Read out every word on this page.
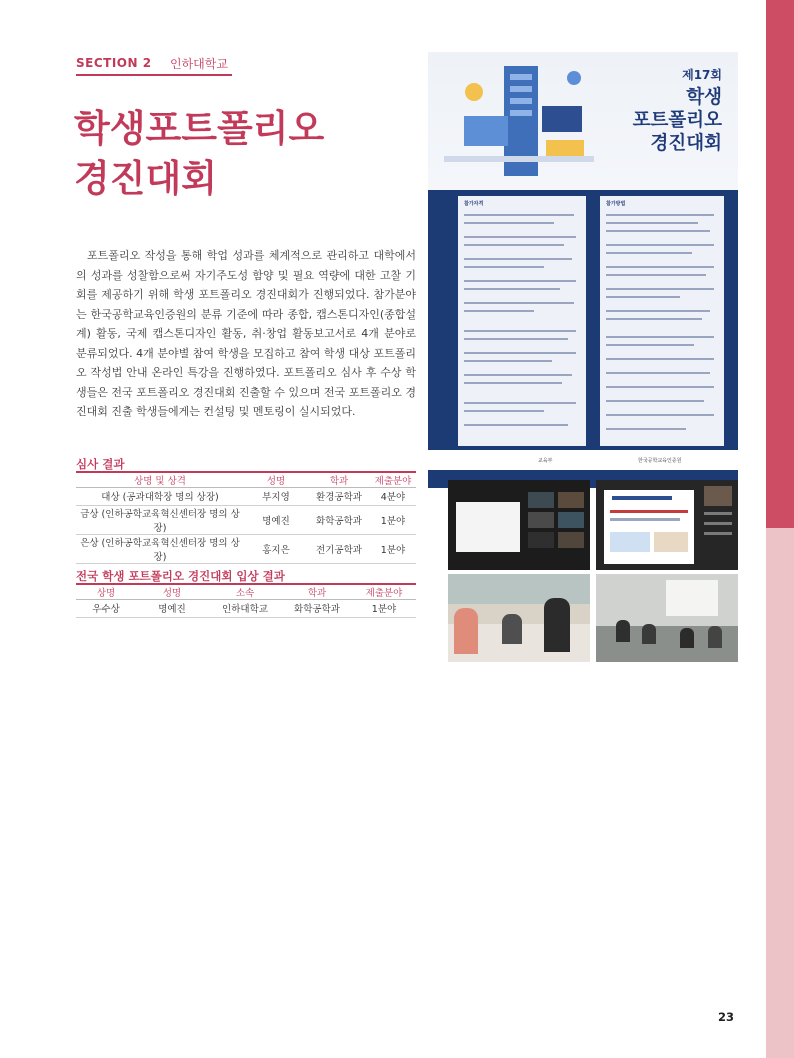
SECTION 2 인하대학교
학생포트폴리오
경진대회

포트폴리오 작성을 통해 학업 성과를 체계적으로 관리하고 대학에서의 성과를 성찰함으로써 자기주도성 함양 및 필요 역량에 대한 고찰 기회를 제공하기 위해 학생 포트폴리오 경진대회가 진행되었다. 참가분야는 한국공학교육인증원의 분류 기준에 따라 종합, 캡스톤디자인(종합설계) 활동, 국제 캡스톤디자인 활동, 취·창업 활동보고서로 4개 분야로 분류되었다. 4개 분야별 참여 학생을 모집하고 참여 학생 대상 포트폴리오 작성법 안내 온라인 특강을 진행하였다. 포트폴리오 심사 후 수상 학생들은 전국 포트폴리오 경진대회 진출할 수 있으며 전국 포트폴리오 경진대회 진출 학생들에게는 컨설팅 및 멘토링이 실시되었다.

심사 결과
상명 및 상격	성명	학과	제출분야
대상 (공과대학장 명의 상장)	부지영	환경공학과	4분야
금상 (인하공학교육혁신센터장 명의 상장)	명예진	화학공학과	1분야
은상 (인하공학교육혁신센터장 명의 상장)	홍지은	전기공학과	1분야
전국 학생 포트폴리오 경진대회 입상 결과
상명	성명	소속	학과	제출분야
우수상	명예진	인하대학교	화학공학과	1분야
제17회

학생
포트폴리오
경진대회

참가자격	참가방법
교육부	한국공학교육인증원
23
